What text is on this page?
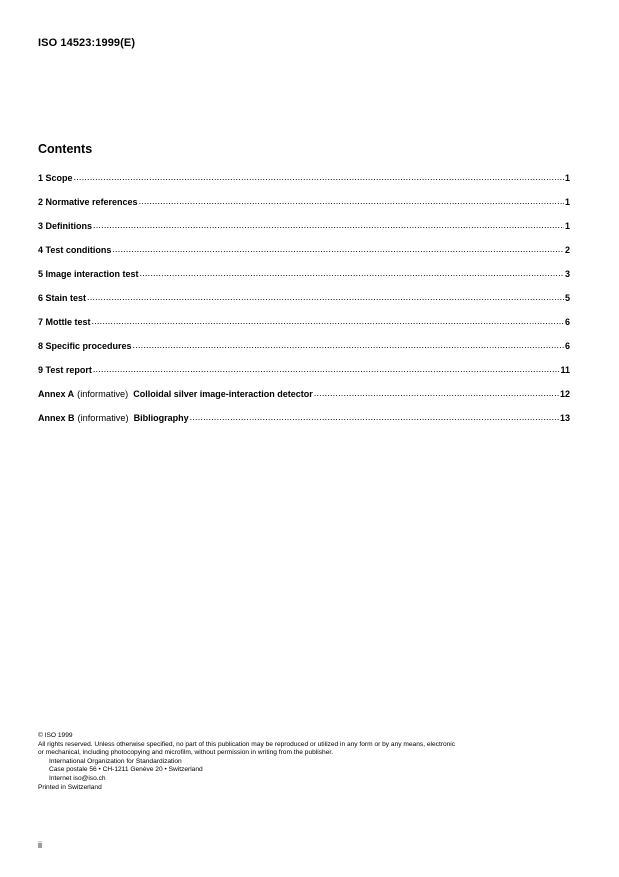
ISO 14523:1999(E)
Contents
1 Scope .....	1
2 Normative references .....	1
3 Definitions .....	1
4 Test conditions .....	2
5 Image interaction test .....	3
6 Stain test .....	5
7 Mottle test .....	6
8 Specific procedures .....	6
9 Test report .....	11
Annex A (informative) Colloidal silver image-interaction detector .....	12
Annex B (informative) Bibliography .....	13
© ISO 1999
All rights reserved. Unless otherwise specified, no part of this publication may be reproduced or utilized in any form or by any means, electronic
or mechanical, including photocopying and microfilm, without permission in writing from the publisher.
International Organization for Standardization
Case postale 56 • CH-1211 Genève 20 • Switzerland
Internet iso@iso.ch
Printed in Switzerland
ii
